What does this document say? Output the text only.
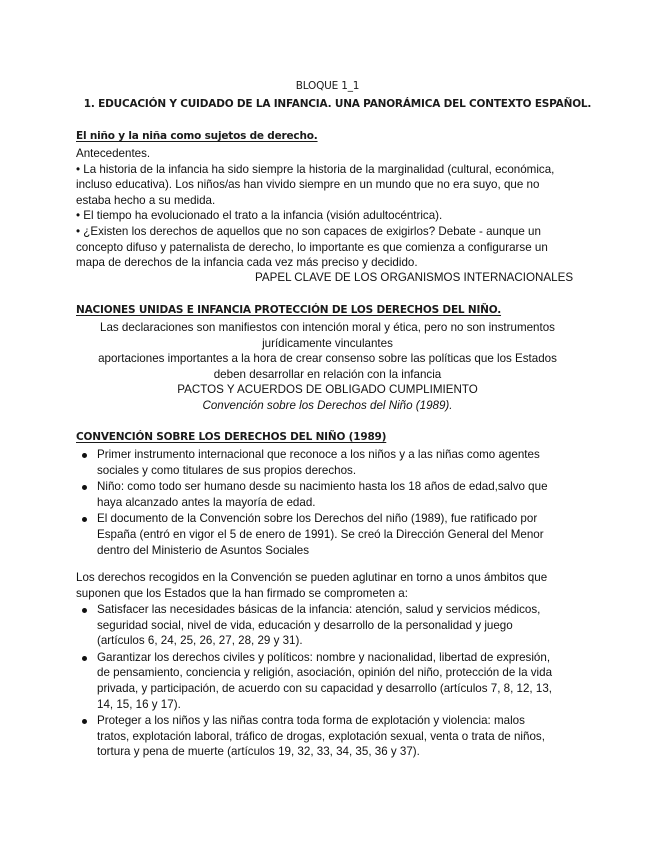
BLOQUE 1_1
1. EDUCACIÓN Y CUIDADO DE LA INFANCIA. UNA PANORÁMICA DEL CONTEXTO ESPAÑOL.
El niño y la niña como sujetos de derecho.
Antecedentes.
• La historia de la infancia ha sido siempre la historia de la marginalidad (cultural, económica,
incluso educativa). Los niños/as han vivido siempre en un mundo que no era suyo, que no
estaba hecho a su medida.
• El tiempo ha evolucionado el trato a la infancia (visión adultocéntrica).
• ¿Existen los derechos de aquellos que no son capaces de exigirlos? Debate - aunque un
concepto difuso y paternalista de derecho, lo importante es que comienza a configurarse un
mapa de derechos de la infancia cada vez más preciso y decidido.
PAPEL CLAVE DE LOS ORGANISMOS INTERNACIONALES
NACIONES UNIDAS E INFANCIA PROTECCIÓN DE LOS DERECHOS DEL NIÑO.
Las declaraciones son manifiestos con intención moral y ética, pero no son instrumentos
jurídicamente vinculantes
aportaciones importantes a la hora de crear consenso sobre las políticas que los Estados
deben desarrollar en relación con la infancia
PACTOS Y ACUERDOS DE OBLIGADO CUMPLIMIENTO
Convención sobre los Derechos del Niño (1989).
CONVENCIÓN SOBRE LOS DERECHOS DEL NIÑO (1989)
Primer instrumento internacional que reconoce a los niños y a las niñas como agentes
sociales y como titulares de sus propios derechos.
Niño: como todo ser humano desde su nacimiento hasta los 18 años de edad,salvo que
haya alcanzado antes la mayoría de edad.
El documento de la Convención sobre los Derechos del niño (1989), fue ratificado por
España (entró en vigor el 5 de enero de 1991). Se creó la Dirección General del Menor
dentro del Ministerio de Asuntos Sociales
Los derechos recogidos en la Convención se pueden aglutinar en torno a unos ámbitos que
suponen que los Estados que la han firmado se comprometen a:
Satisfacer las necesidades básicas de la infancia: atención, salud y servicios médicos,
seguridad social, nivel de vida, educación y desarrollo de la personalidad y juego
(artículos 6, 24, 25, 26, 27, 28, 29 y 31).
Garantizar los derechos civiles y políticos: nombre y nacionalidad, libertad de expresión,
de pensamiento, conciencia y religión, asociación, opinión del niño, protección de la vida
privada, y participación, de acuerdo con su capacidad y desarrollo (artículos 7, 8, 12, 13,
14, 15, 16 y 17).
Proteger a los niños y las niñas contra toda forma de explotación y violencia: malos
tratos, explotación laboral, tráfico de drogas, explotación sexual, venta o trata de niños,
tortura y pena de muerte (artículos 19, 32, 33, 34, 35, 36 y 37).
